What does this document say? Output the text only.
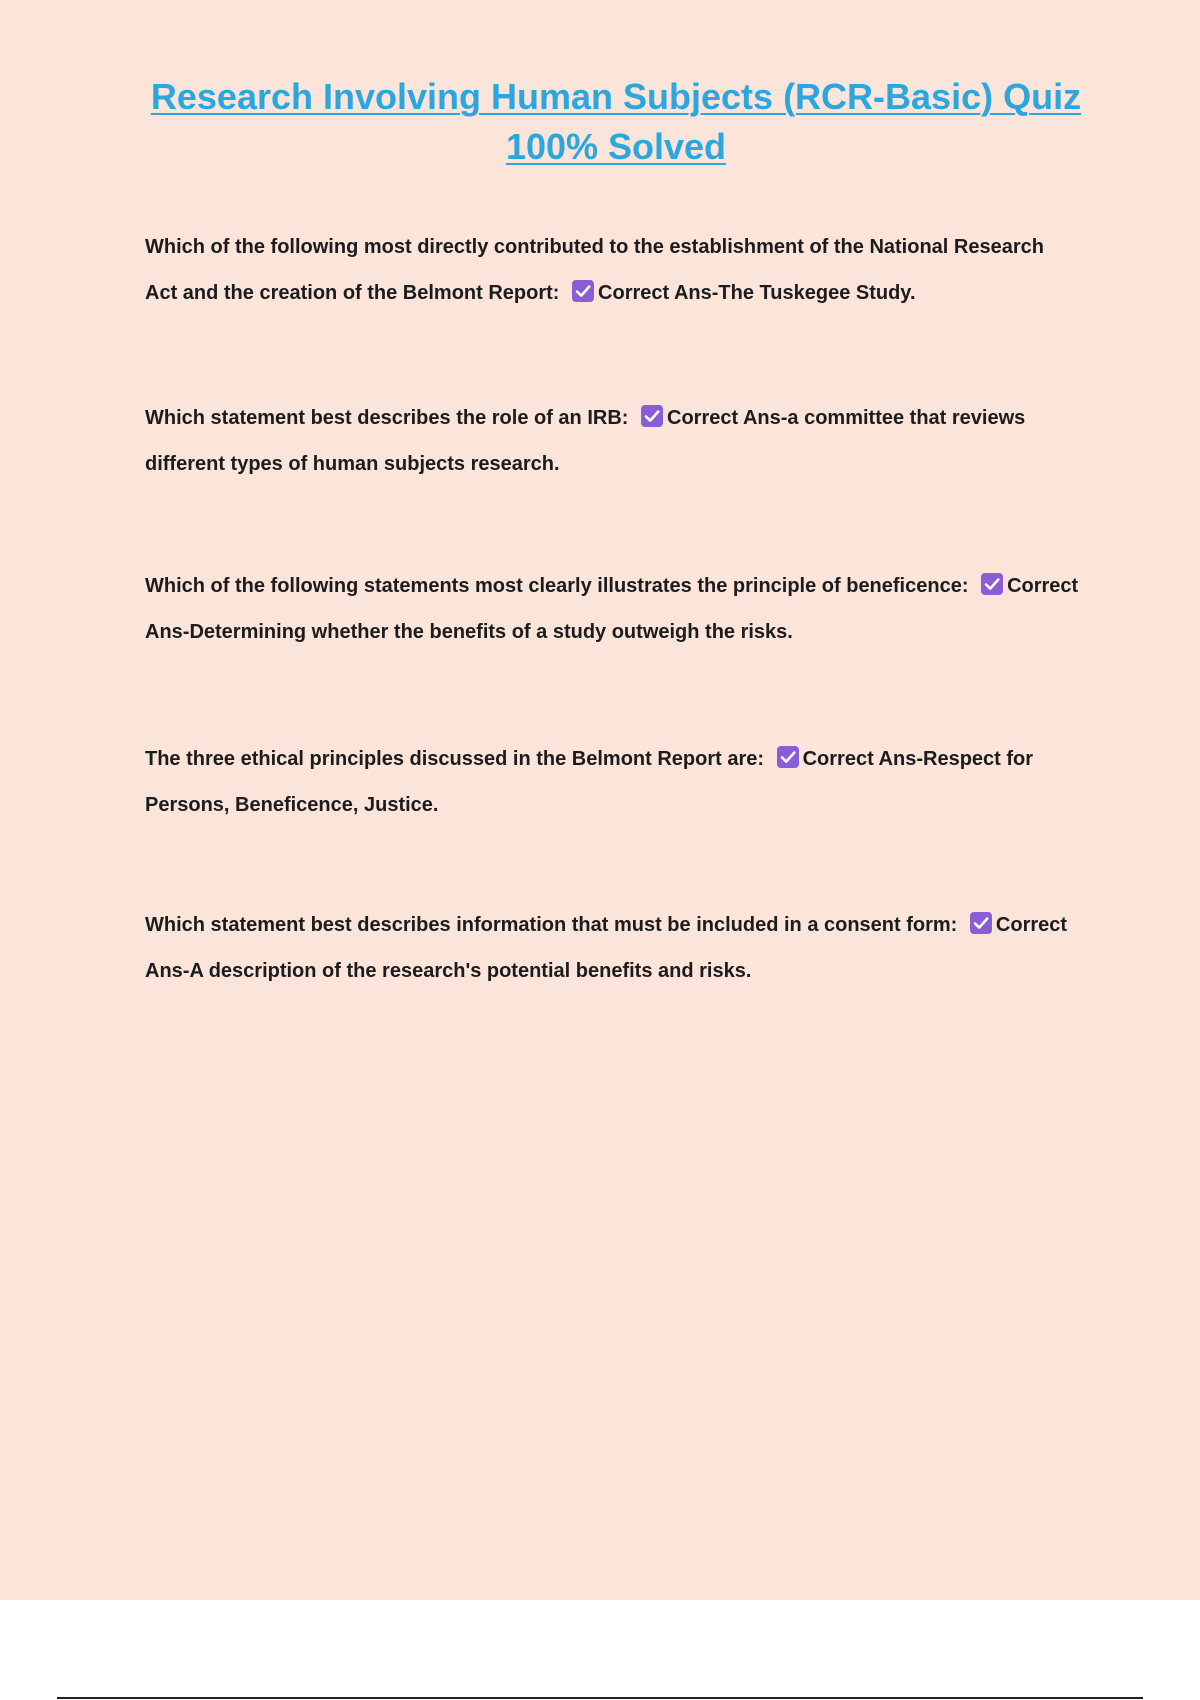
Research Involving Human Subjects (RCR-Basic) Quiz
100% Solved

Which of the following most directly contributed to the establishment of the National Research Act and the creation of the Belmont Report: Correct Ans-The Tuskegee Study.

Which statement best describes the role of an IRB: Correct Ans-a committee that reviews different types of human subjects research.

Which of the following statements most clearly illustrates the principle of beneficence: Correct Ans-Determining whether the benefits of a study outweigh the risks.

The three ethical principles discussed in the Belmont Report are: Correct Ans-Respect for Persons, Beneficence, Justice.

Which statement best describes information that must be included in a consent form: Correct Ans-A description of the research's potential benefits and risks.
